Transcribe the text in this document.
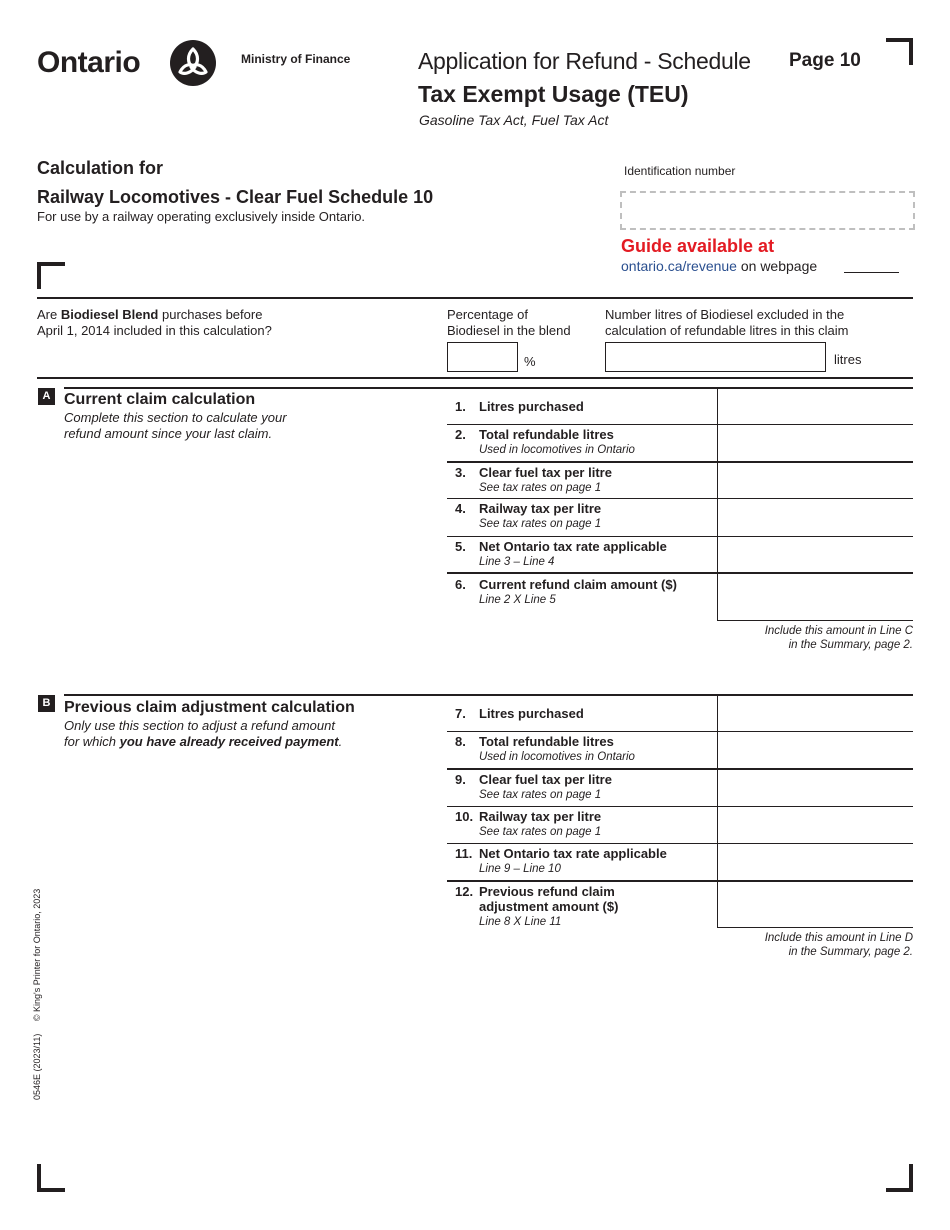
Ontario	Ministry of Finance	Application for Refund - Schedule Page 10
Tax Exempt Usage (TEU)
Gasoline Tax Act, Fuel Tax Act
Calculation for
Railway Locomotives - Clear Fuel Schedule 10
For use by a railway operating exclusively inside Ontario.
Identification number
Guide available at
ontario.ca/revenue on webpage
Are Biodiesel Blend purchases before
April 1, 2014 included in this calculation?
Percentage of
Biodiesel in the blend
%
Number litres of Biodiesel excluded in the
calculation of refundable litres in this claim
litres
A Current claim calculation
Complete this section to calculate your
refund amount since your last claim.
1. Litres purchased
2. Total refundable litres
Used in locomotives in Ontario
3. Clear fuel tax per litre
See tax rates on page 1
4. Railway tax per litre
See tax rates on page 1
5. Net Ontario tax rate applicable
Line 3 – Line 4
6. Current refund claim amount ($)
Line 2 X Line 5
Include this amount in Line C
in the Summary, page 2.
B Previous claim adjustment calculation
Only use this section to adjust a refund amount
for which you have already received payment.
7. Litres purchased
8. Total refundable litres
Used in locomotives in Ontario
9. Clear fuel tax per litre
See tax rates on page 1
10. Railway tax per litre
See tax rates on page 1
11. Net Ontario tax rate applicable
Line 9 – Line 10
12. Previous refund claim
adjustment amount ($)
Line 8 X Line 11
Include this amount in Line D
in the Summary, page 2.
0546E (2023/11)     © King's Printer for Ontario, 2023
